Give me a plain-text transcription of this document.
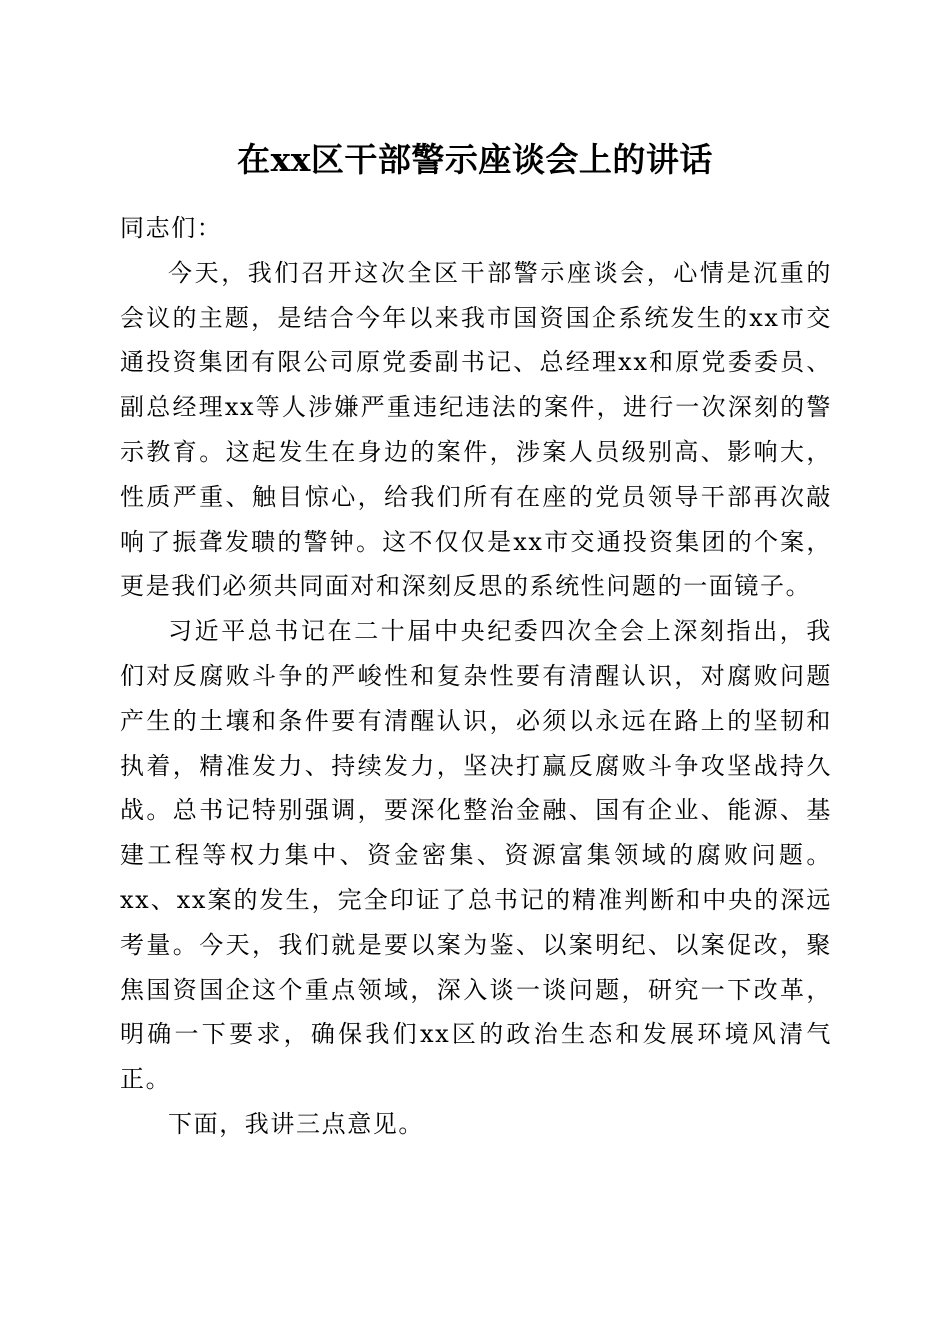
在xx区干部警示座谈会上的讲话

同志们：

今天，我们召开这次全区干部警示座谈会，心情是沉重的会议的主题，是结合今年以来我市国资国企系统发生的xx市交通投资集团有限公司原党委副书记、总经理xx和原党委委员、副总经理xx等人涉嫌严重违纪违法的案件，进行一次深刻的警示教育。这起发生在身边的案件，涉案人员级别高、影响大，性质严重、触目惊心，给我们所有在座的党员领导干部再次敲响了振聋发聩的警钟。这不仅仅是xx市交通投资集团的个案，更是我们必须共同面对和深刻反思的系统性问题的一面镜子。

习近平总书记在二十届中央纪委四次全会上深刻指出，我们对反腐败斗争的严峻性和复杂性要有清醒认识，对腐败问题产生的土壤和条件要有清醒认识，必须以永远在路上的坚韧和执着，精准发力、持续发力，坚决打赢反腐败斗争攻坚战持久战。总书记特别强调，要深化整治金融、国有企业、能源、基建工程等权力集中、资金密集、资源富集领域的腐败问题。xx、xx案的发生，完全印证了总书记的精准判断和中央的深远考量。今天，我们就是要以案为鉴、以案明纪、以案促改，聚焦国资国企这个重点领域，深入谈一谈问题，研究一下改革，明确一下要求，确保我们xx区的政治生态和发展环境风清气正。

下面，我讲三点意见。
